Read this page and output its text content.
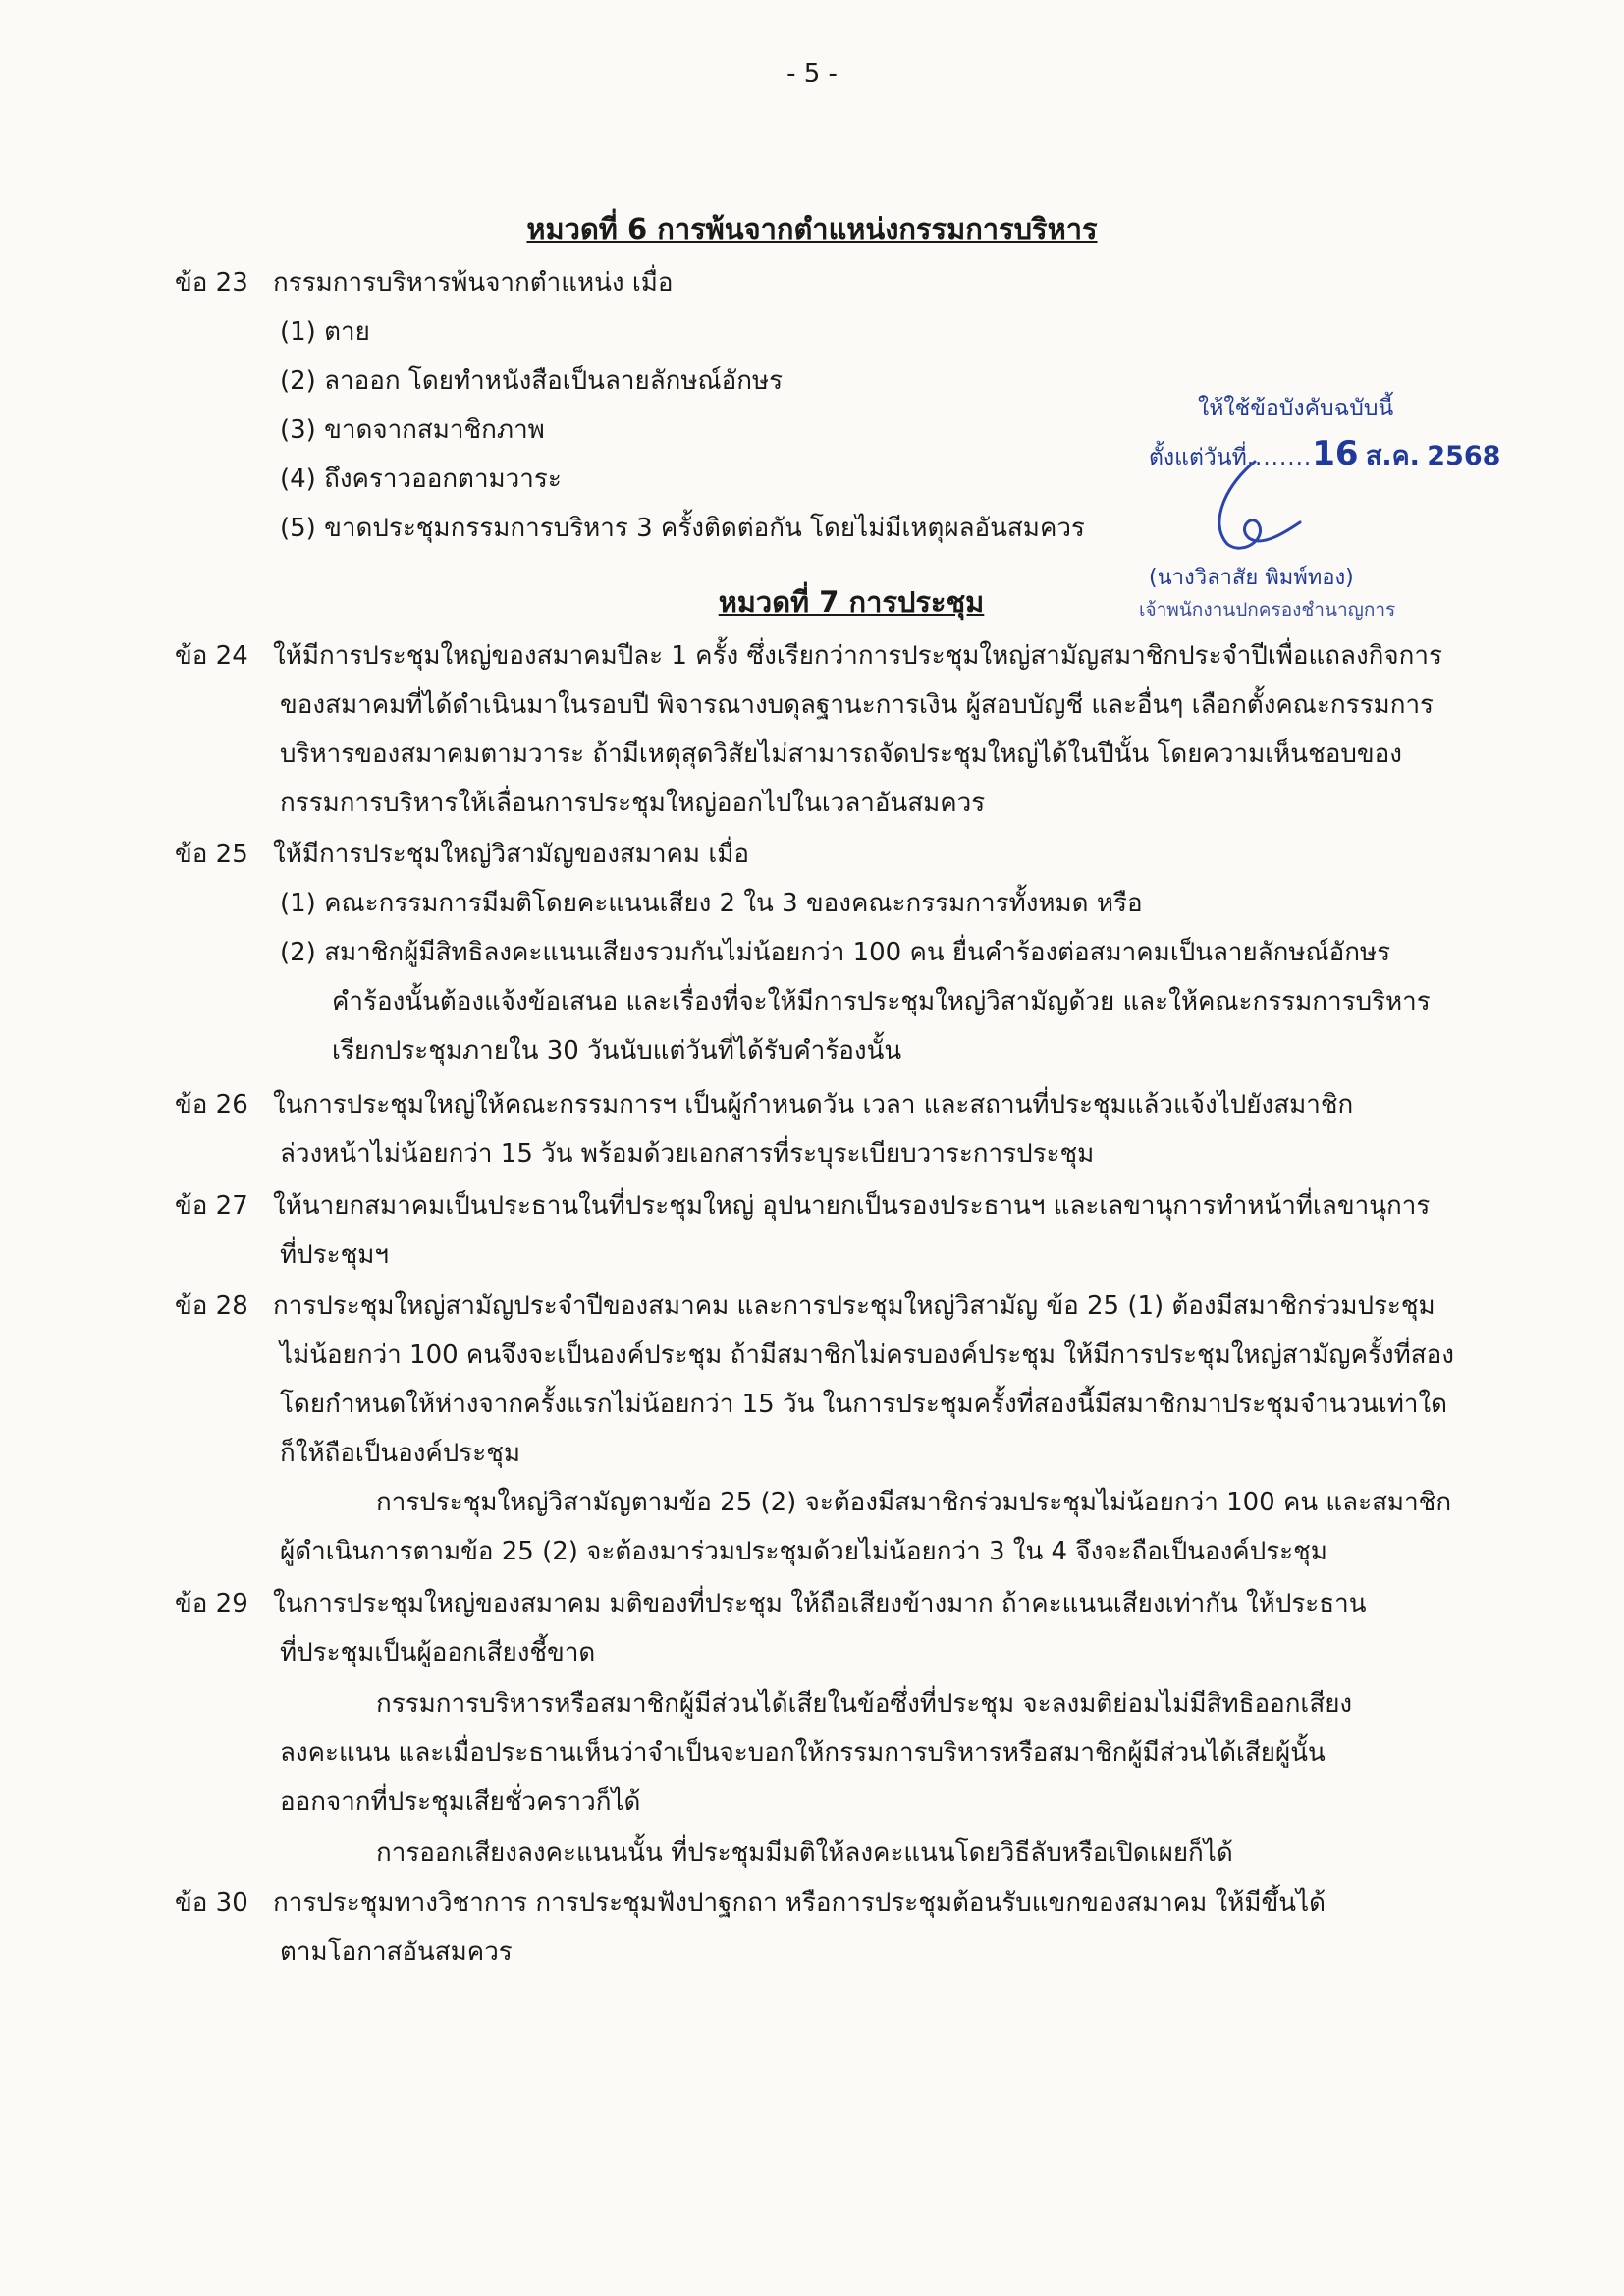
- 5 -
หมวดที่ 6 การพ้นจากตำแหน่งกรรมการบริหาร
ข้อ 23 กรรมการบริหารพ้นจากตำแหน่ง เมื่อ
(1) ตาย
(2) ลาออก โดยทำหนังสือเป็นลายลักษณ์อักษร
(3) ขาดจากสมาชิกภาพ
(4) ถึงคราวออกตามวาระ
(5) ขาดประชุมกรรมการบริหาร 3 ครั้งติดต่อกัน โดยไม่มีเหตุผลอันสมควร
หมวดที่ 7 การประชุม
ข้อ 24 ให้มีการประชุมใหญ่ของสมาคมปีละ 1 ครั้ง ซึ่งเรียกว่าการประชุมใหญ่สามัญสมาชิกประจำปีเพื่อแถลงกิจการ
ของสมาคมที่ได้ดำเนินมาในรอบปี พิจารณางบดุลฐานะการเงิน ผู้สอบบัญชี และอื่นๆ เลือกตั้งคณะกรรมการ
บริหารของสมาคมตามวาระ ถ้ามีเหตุสุดวิสัยไม่สามารถจัดประชุมใหญ่ได้ในปีนั้น โดยความเห็นชอบของ
กรรมการบริหารให้เลื่อนการประชุมใหญ่ออกไปในเวลาอันสมควร
ข้อ 25 ให้มีการประชุมใหญ่วิสามัญของสมาคม เมื่อ
(1) คณะกรรมการมีมติโดยคะแนนเสียง 2 ใน 3 ของคณะกรรมการทั้งหมด หรือ
(2) สมาชิกผู้มีสิทธิลงคะแนนเสียงรวมกันไม่น้อยกว่า 100 คน ยื่นคำร้องต่อสมาคมเป็นลายลักษณ์อักษร
คำร้องนั้นต้องแจ้งข้อเสนอ และเรื่องที่จะให้มีการประชุมใหญ่วิสามัญด้วย และให้คณะกรรมการบริหาร
เรียกประชุมภายใน 30 วันนับแต่วันที่ได้รับคำร้องนั้น
ข้อ 26 ในการประชุมใหญ่ให้คณะกรรมการฯ เป็นผู้กำหนดวัน เวลา และสถานที่ประชุมแล้วแจ้งไปยังสมาชิก
ล่วงหน้าไม่น้อยกว่า 15 วัน พร้อมด้วยเอกสารที่ระบุระเบียบวาระการประชุม
ข้อ 27 ให้นายกสมาคมเป็นประธานในที่ประชุมใหญ่ อุปนายกเป็นรองประธานฯ และเลขานุการทำหน้าที่เลขานุการ
ที่ประชุมฯ
ข้อ 28 การประชุมใหญ่สามัญประจำปีของสมาคม และการประชุมใหญ่วิสามัญ ข้อ 25 (1) ต้องมีสมาชิกร่วมประชุม
ไม่น้อยกว่า 100 คนจึงจะเป็นองค์ประชุม ถ้ามีสมาชิกไม่ครบองค์ประชุม ให้มีการประชุมใหญ่สามัญครั้งที่สอง
โดยกำหนดให้ห่างจากครั้งแรกไม่น้อยกว่า 15 วัน ในการประชุมครั้งที่สองนี้มีสมาชิกมาประชุมจำนวนเท่าใด
ก็ให้ถือเป็นองค์ประชุม
การประชุมใหญ่วิสามัญตามข้อ 25 (2) จะต้องมีสมาชิกร่วมประชุมไม่น้อยกว่า 100 คน และสมาชิก
ผู้ดำเนินการตามข้อ 25 (2) จะต้องมาร่วมประชุมด้วยไม่น้อยกว่า 3 ใน 4 จึงจะถือเป็นองค์ประชุม
ข้อ 29 ในการประชุมใหญ่ของสมาคม มติของที่ประชุม ให้ถือเสียงข้างมาก ถ้าคะแนนเสียงเท่ากัน ให้ประธาน
ที่ประชุมเป็นผู้ออกเสียงชี้ขาด
กรรมการบริหารหรือสมาชิกผู้มีส่วนได้เสียในข้อซึ่งที่ประชุม จะลงมติย่อมไม่มีสิทธิออกเสียง
ลงคะแนน และเมื่อประธานเห็นว่าจำเป็นจะบอกให้กรรมการบริหารหรือสมาชิกผู้มีส่วนได้เสียผู้นั้น
ออกจากที่ประชุมเสียชั่วคราวก็ได้
การออกเสียงลงคะแนนนั้น ที่ประชุมมีมติให้ลงคะแนนโดยวิธีลับหรือเปิดเผยก็ได้
ข้อ 30 การประชุมทางวิชาการ การประชุมฟังปาฐกถา หรือการประชุมต้อนรับแขกของสมาคม ให้มีขึ้นได้
ตามโอกาสอันสมควร
ให้ใช้ข้อบังคับฉบับนี้
ตั้งแต่วันที่........16 ส.ค. 2568
(นางวิลาสัย พิมพ์ทอง)
เจ้าพนักงานปกครองชำนาญการ
